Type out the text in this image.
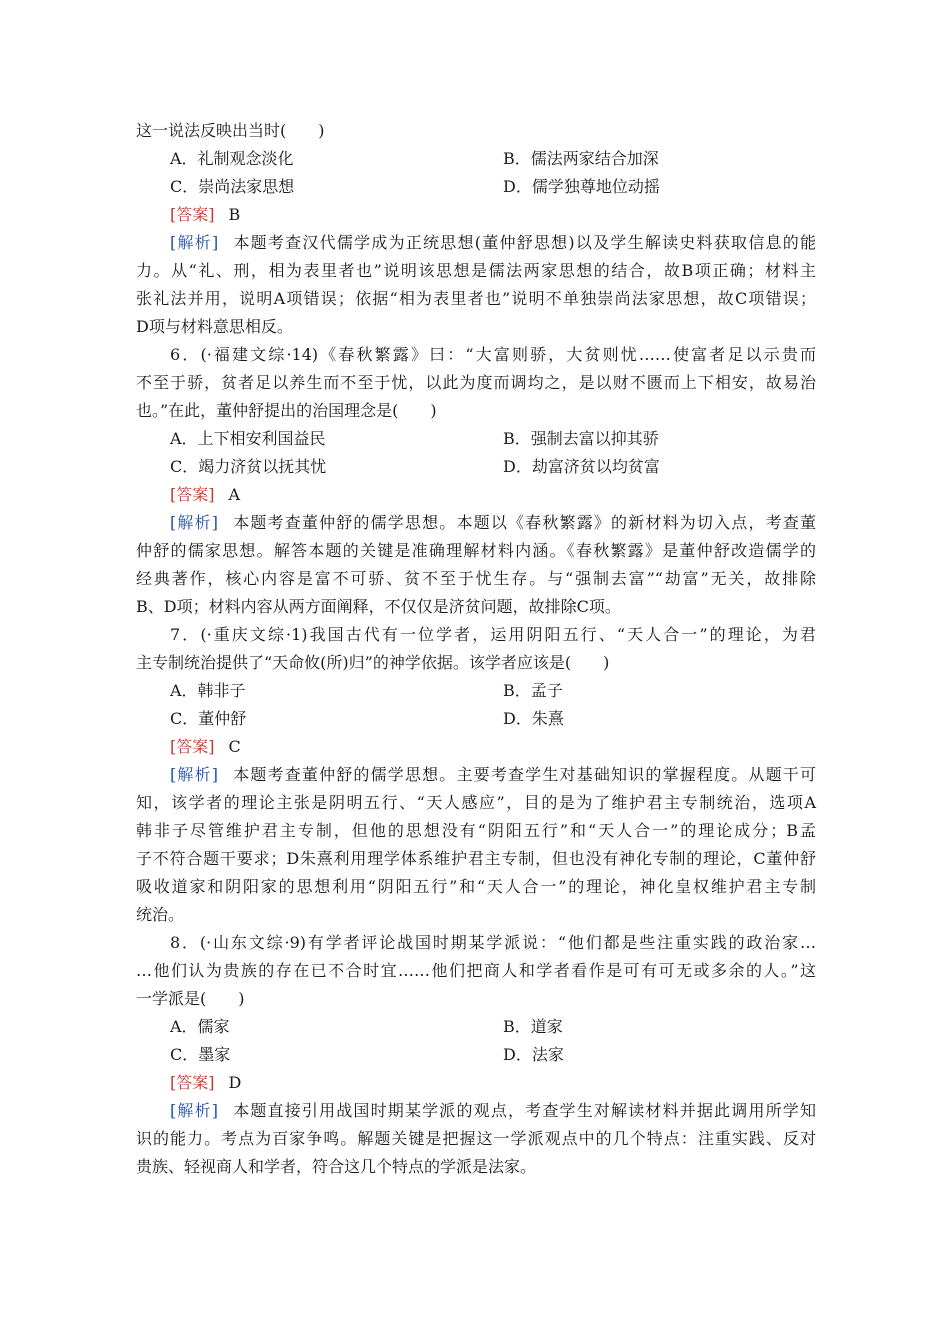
这一说法反映出当时(　　)
A．礼制观念淡化	B．儒法两家结合加深
C．崇尚法家思想	D．儒学独尊地位动摇
[答案] B
[解析] 本题考查汉代儒学成为正统思想(董仲舒思想)以及学生解读史料获取信息的能
力。从“礼、刑，相为表里者也”说明该思想是儒法两家思想的结合，故B项正确；材料主
张礼法并用，说明A项错误；依据“相为表里者也”说明不单独崇尚法家思想，故C项错误；
D项与材料意思相反。
6．(·福建文综·14)《春秋繁露》曰：“大富则骄，大贫则忧……使富者足以示贵而
不至于骄，贫者足以养生而不至于忧，以此为度而调均之，是以财不匮而上下相安，故易治
也。”在此，董仲舒提出的治国理念是(　　)
A．上下相安利国益民	B．强制去富以抑其骄
C．竭力济贫以抚其忧	D．劫富济贫以均贫富
[答案] A
[解析] 本题考查董仲舒的儒学思想。本题以《春秋繁露》的新材料为切入点，考查董
仲舒的儒家思想。解答本题的关键是准确理解材料内涵。《春秋繁露》是董仲舒改造儒学的
经典著作，核心内容是富不可骄、贫不至于忧生存。与“强制去富”“劫富”无关，故排除
B、D项；材料内容从两方面阐释，不仅仅是济贫问题，故排除C项。
7．(·重庆文综·1)我国古代有一位学者，运用阴阳五行、“天人合一”的理论，为君
主专制统治提供了“天命攸(所)归”的神学依据。该学者应该是(　　)
A．韩非子	B．孟子
C．董仲舒	D．朱熹
[答案] C
[解析] 本题考查董仲舒的儒学思想。主要考查学生对基础知识的掌握程度。从题干可
知，该学者的理论主张是阴明五行、“天人感应”，目的是为了维护君主专制统治，选项A
韩非子尽管维护君主专制，但他的思想没有“阴阳五行”和“天人合一”的理论成分；B孟
子不符合题干要求；D朱熹利用理学体系维护君主专制，但也没有神化专制的理论，C董仲舒
吸收道家和阴阳家的思想利用“阴阳五行”和“天人合一”的理论，神化皇权维护君主专制
统治。
8．(·山东文综·9)有学者评论战国时期某学派说：“他们都是些注重实践的政治家…
…他们认为贵族的存在已不合时宜……他们把商人和学者看作是可有可无或多余的人。”这
一学派是(　　)
A．儒家	B．道家
C．墨家	D．法家
[答案] D
[解析] 本题直接引用战国时期某学派的观点，考查学生对解读材料并据此调用所学知
识的能力。考点为百家争鸣。解题关键是把握这一学派观点中的几个特点：注重实践、反对
贵族、轻视商人和学者，符合这几个特点的学派是法家。
